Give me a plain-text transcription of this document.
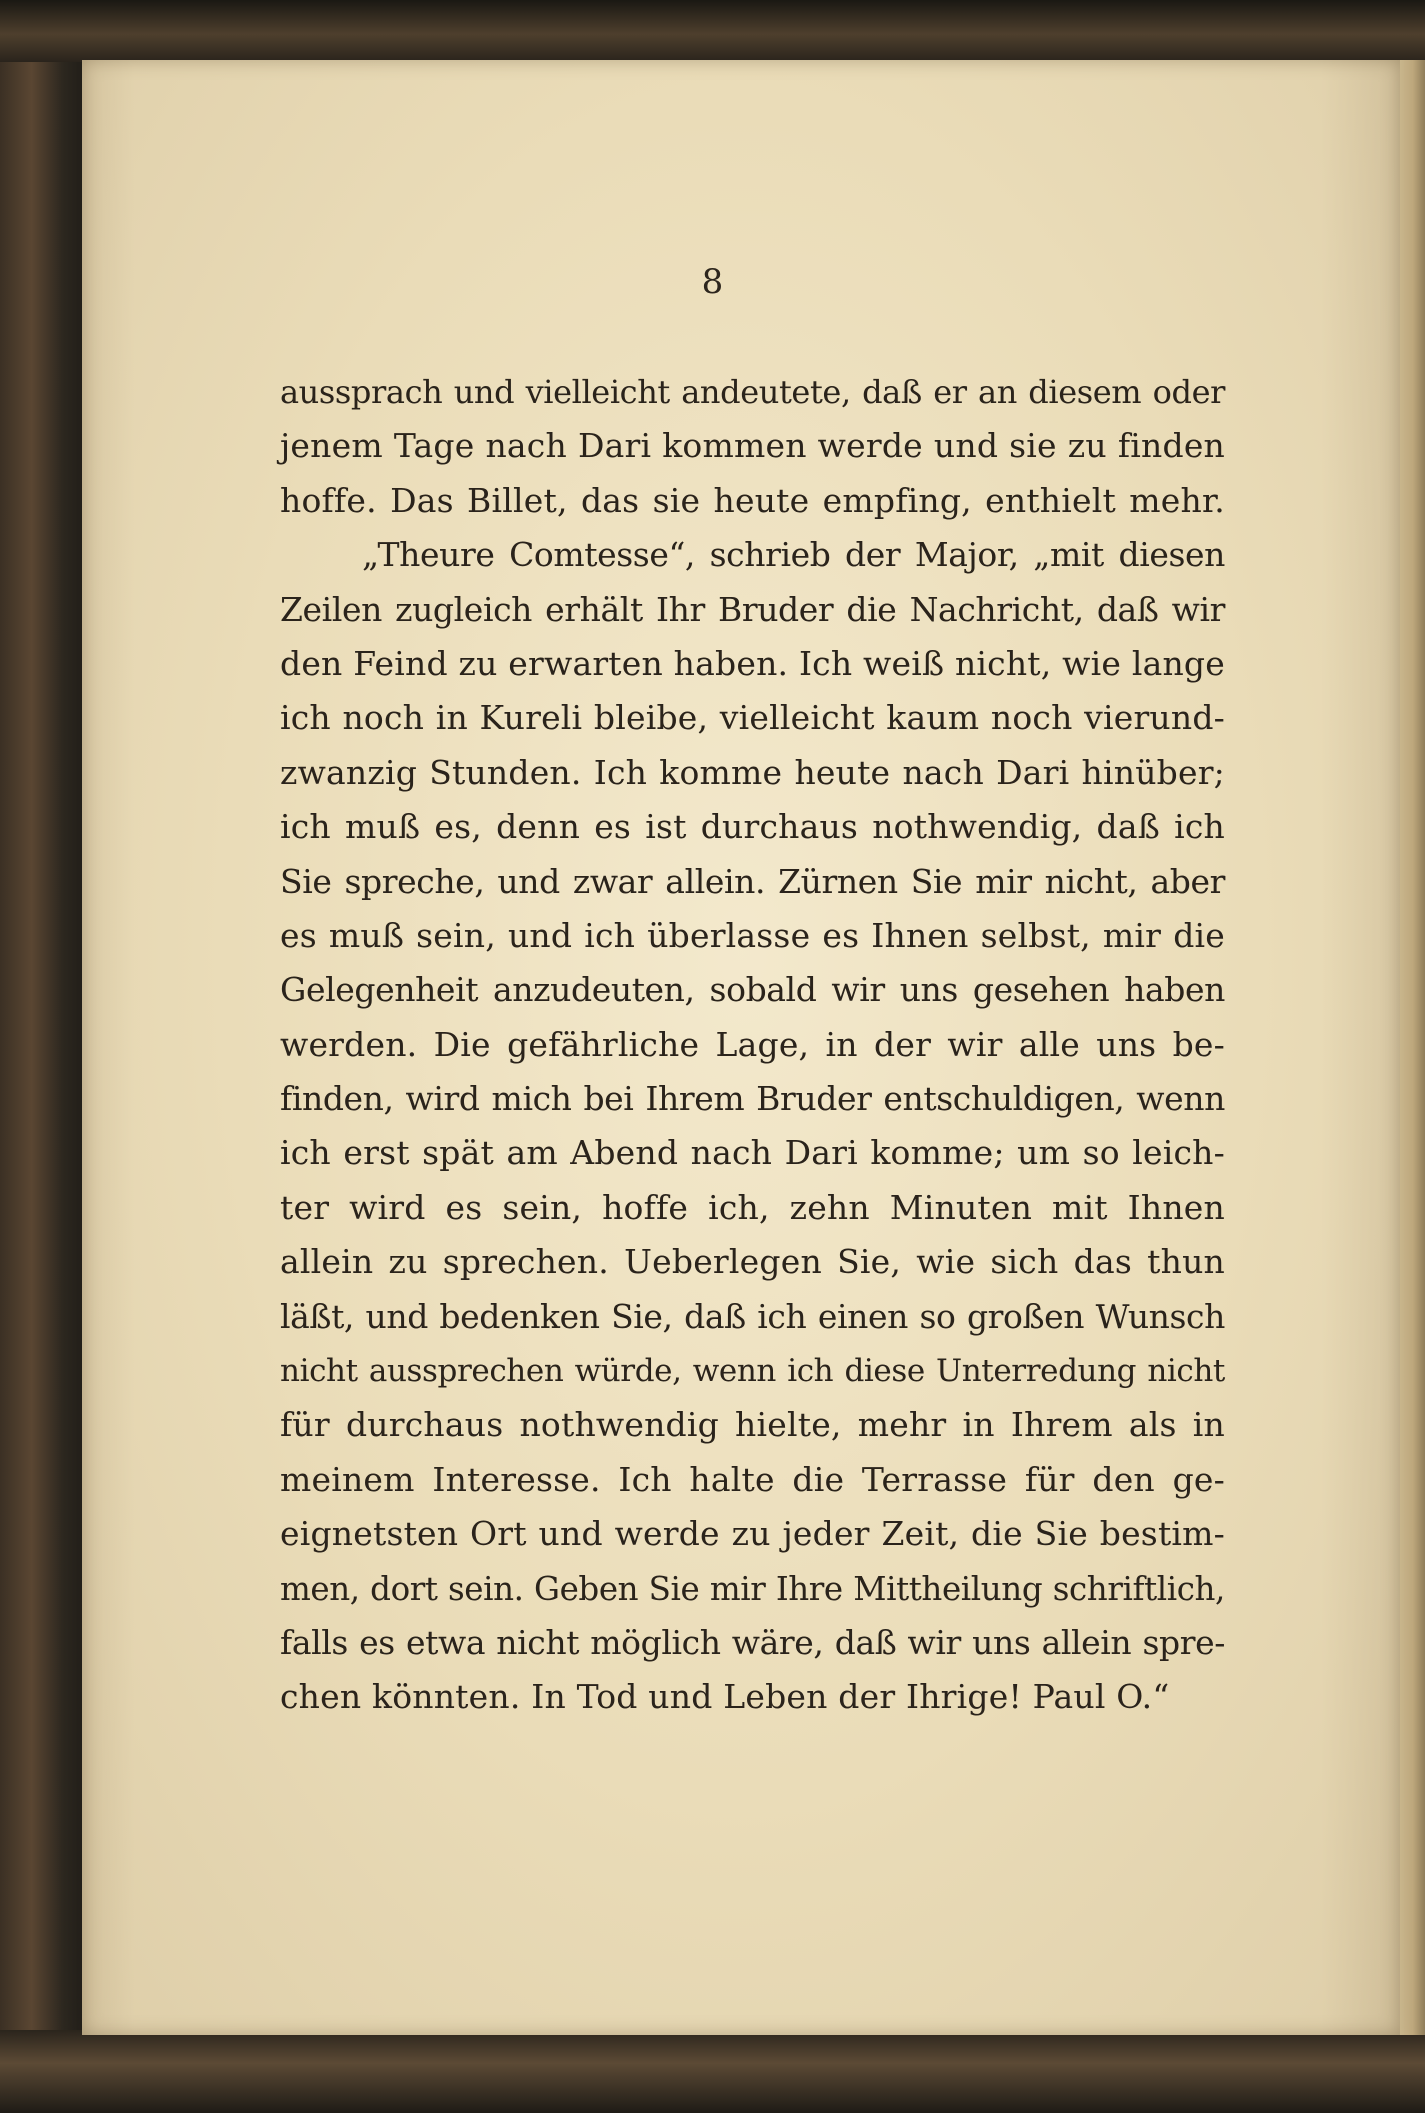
8
aussprach und vielleicht andeutete, daß er an diesem oder
jenem Tage nach Dari kommen werde und sie zu finden
hoffe. Das Billet, das sie heute empfing, enthielt mehr.
„Theure Comtesse“, schrieb der Major, „mit diesen
Zeilen zugleich erhält Ihr Bruder die Nachricht, daß wir
den Feind zu erwarten haben. Ich weiß nicht, wie lange
ich noch in Kureli bleibe, vielleicht kaum noch vierund-
zwanzig Stunden. Ich komme heute nach Dari hinüber;
ich muß es, denn es ist durchaus nothwendig, daß ich
Sie spreche, und zwar allein. Zürnen Sie mir nicht, aber
es muß sein, und ich überlasse es Ihnen selbst, mir die
Gelegenheit anzudeuten, sobald wir uns gesehen haben
werden. Die gefährliche Lage, in der wir alle uns be-
finden, wird mich bei Ihrem Bruder entschuldigen, wenn
ich erst spät am Abend nach Dari komme; um so leich-
ter wird es sein, hoffe ich, zehn Minuten mit Ihnen
allein zu sprechen. Ueberlegen Sie, wie sich das thun
läßt, und bedenken Sie, daß ich einen so großen Wunsch
nicht aussprechen würde, wenn ich diese Unterredung nicht
für durchaus nothwendig hielte, mehr in Ihrem als in
meinem Interesse. Ich halte die Terrasse für den ge-
eignetsten Ort und werde zu jeder Zeit, die Sie bestim-
men, dort sein. Geben Sie mir Ihre Mittheilung schriftlich,
falls es etwa nicht möglich wäre, daß wir uns allein spre-
chen könnten. In Tod und Leben der Ihrige! Paul O.“
